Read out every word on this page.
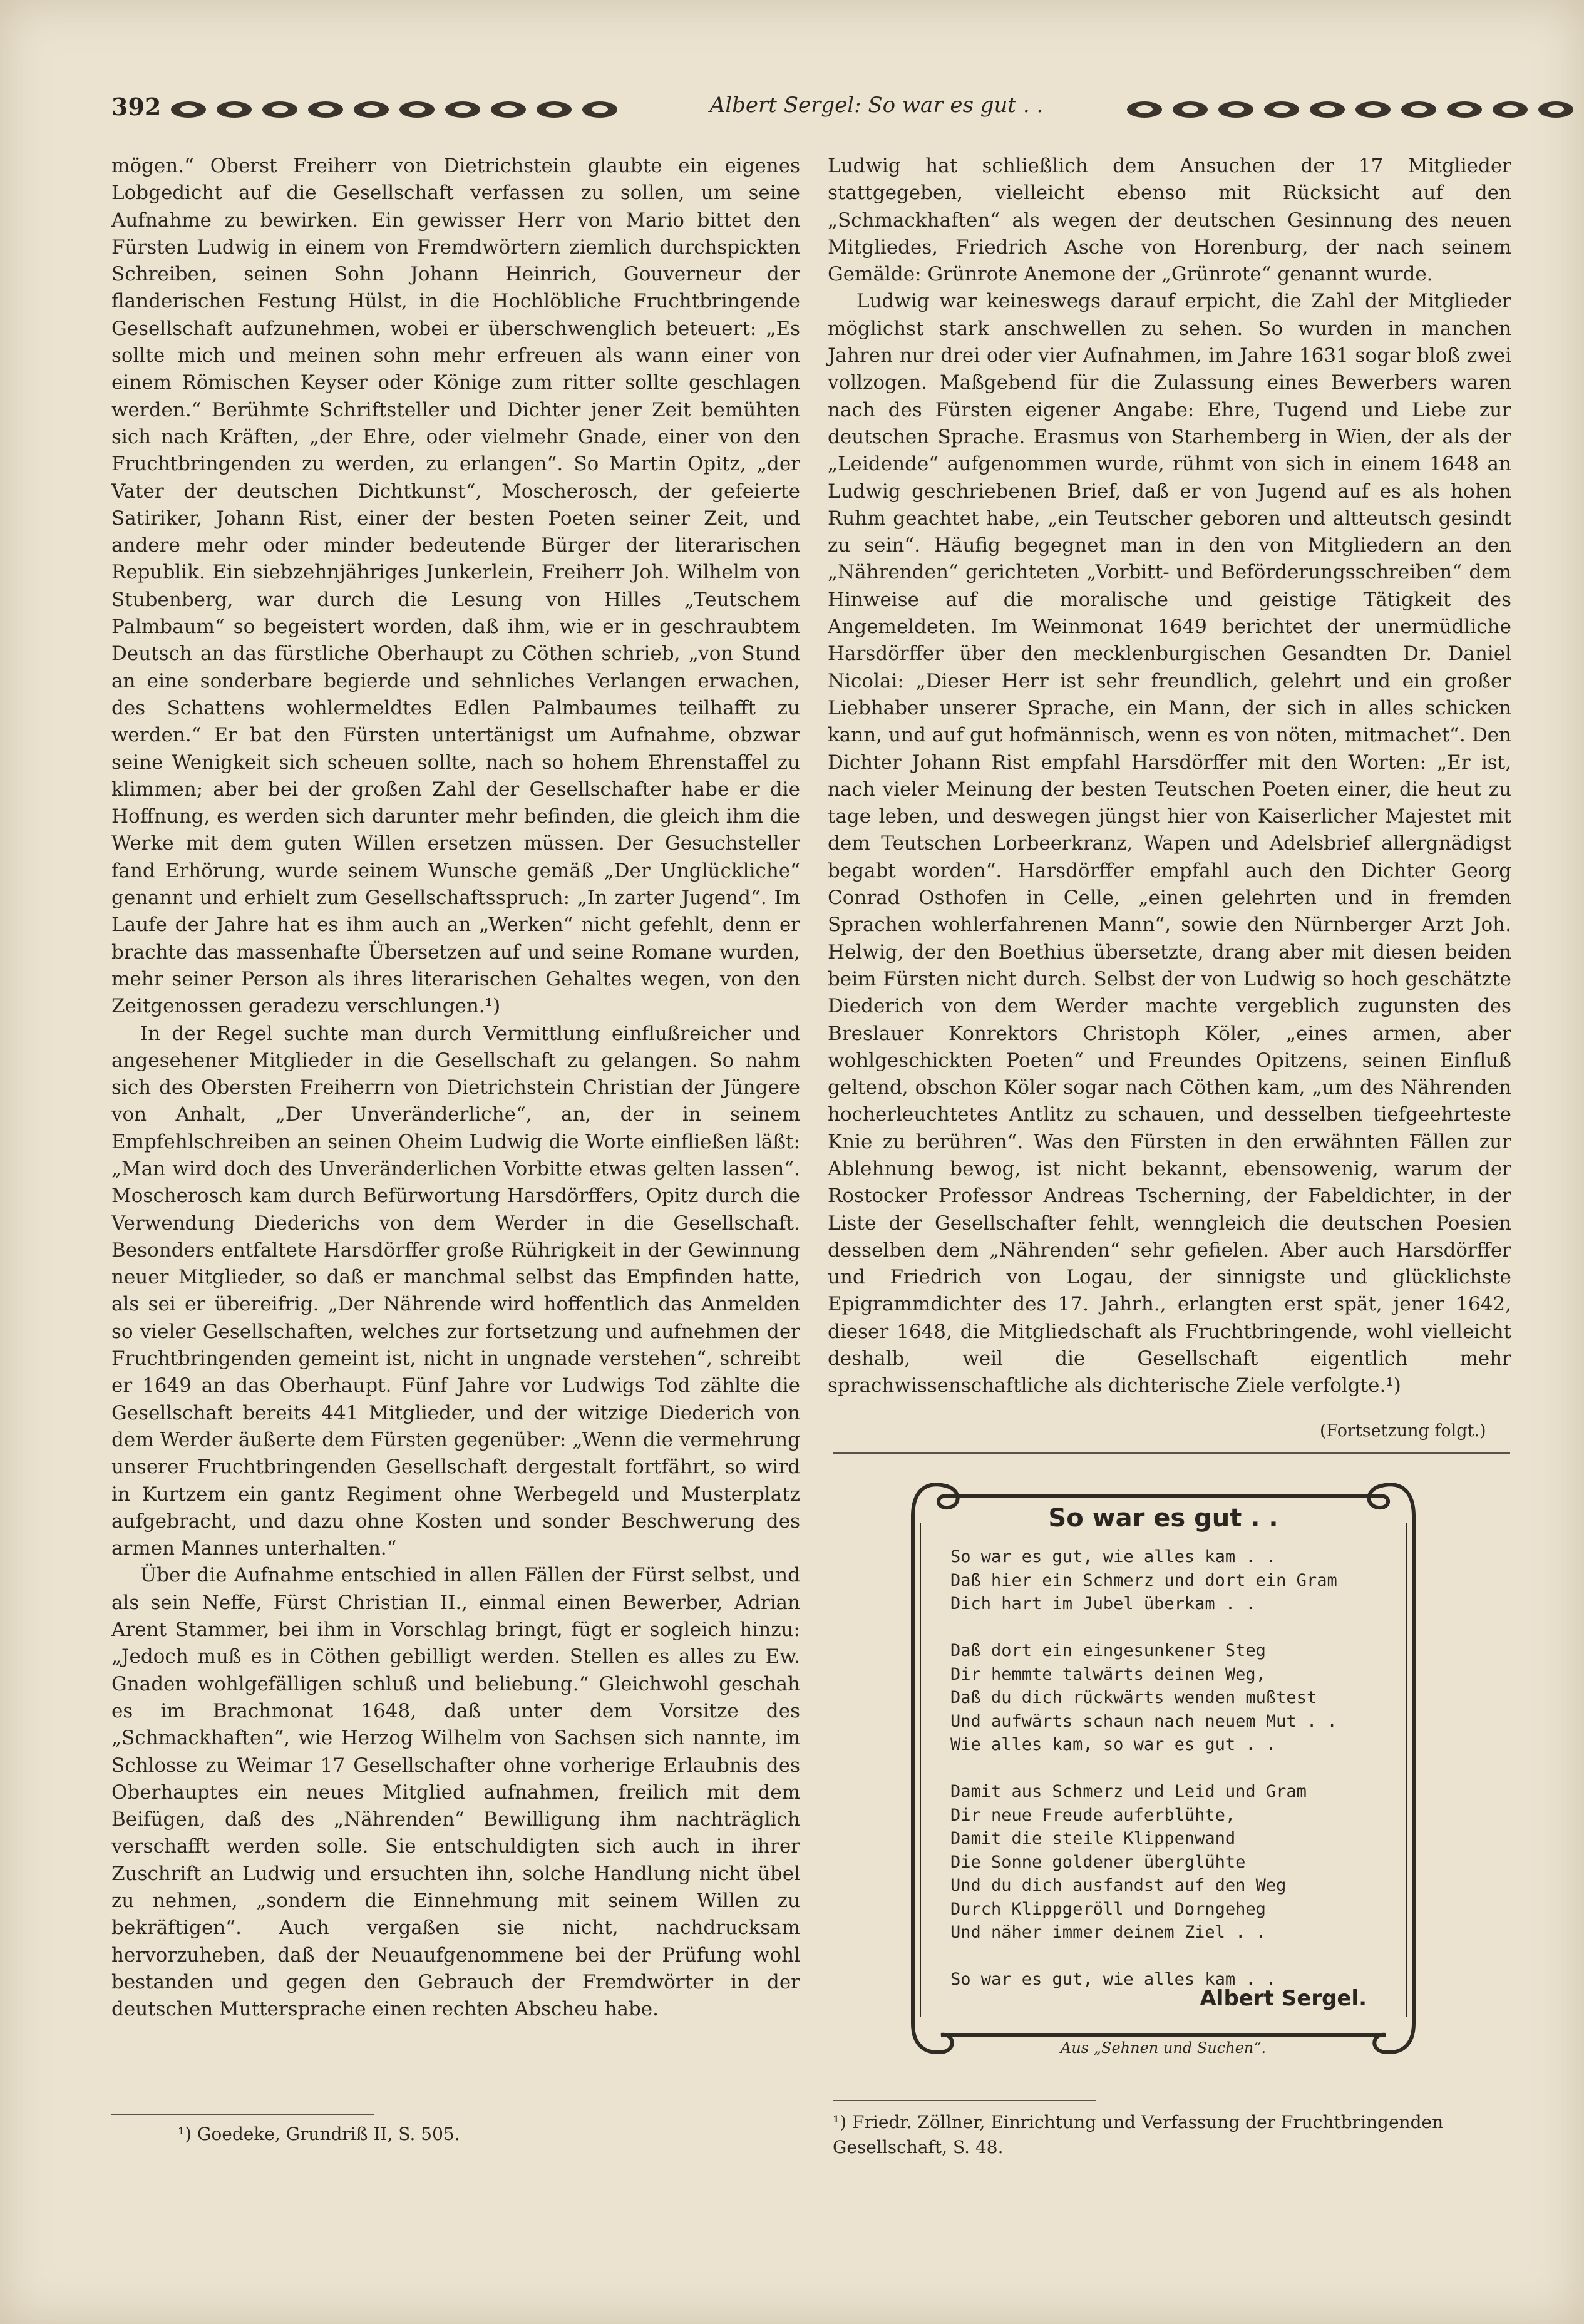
392	Albert Sergel: So war es gut . .

mögen.“ Oberst Freiherr von Dietrichstein glaubte ein eigenes Lobgedicht auf die Gesellschaft verfassen zu sollen, um seine Aufnahme zu bewirken. Ein gewisser Herr von Mario bittet den Fürsten Ludwig in einem von Fremdwörtern ziemlich durchspickten Schreiben, seinen Sohn Johann Heinrich, Gouverneur der flanderischen Festung Hülst, in die Hochlöbliche Fruchtbringende Gesellschaft aufzunehmen, wobei er überschwenglich beteuert: „Es sollte mich und meinen sohn mehr erfreuen als wann einer von einem Römischen Keyser oder Könige zum ritter sollte geschlagen werden.“ Berühmte Schriftsteller und Dichter jener Zeit bemühten sich nach Kräften, „der Ehre, oder vielmehr Gnade, einer von den Fruchtbringenden zu werden, zu erlangen“. So Martin Opitz, „der Vater der deutschen Dichtkunst“, Moscherosch, der gefeierte Satiriker, Johann Rist, einer der besten Poeten seiner Zeit, und andere mehr oder minder bedeutende Bürger der literarischen Republik. Ein siebzehnjähriges Junkerlein, Freiherr Joh. Wilhelm von Stubenberg, war durch die Lesung von Hilles „Teutschem Palmbaum“ so begeistert worden, daß ihm, wie er in geschraubtem Deutsch an das fürstliche Oberhaupt zu Cöthen schrieb, „von Stund an eine sonderbare begierde und sehnliches Verlangen erwachen, des Schattens wohlermeldtes Edlen Palmbaumes teilhafft zu werden.“ Er bat den Fürsten untertänigst um Aufnahme, obzwar seine Wenigkeit sich scheuen sollte, nach so hohem Ehrenstaffel zu klimmen; aber bei der großen Zahl der Gesellschafter habe er die Hoffnung, es werden sich darunter mehr befinden, die gleich ihm die Werke mit dem guten Willen ersetzen müssen. Der Gesuchsteller fand Erhörung, wurde seinem Wunsche gemäß „Der Unglückliche“ genannt und erhielt zum Gesellschaftsspruch: „In zarter Jugend“. Im Laufe der Jahre hat es ihm auch an „Werken“ nicht gefehlt, denn er brachte das massenhafte Übersetzen auf und seine Romane wurden, mehr seiner Person als ihres literarischen Gehaltes wegen, von den Zeitgenossen geradezu verschlungen.¹)

In der Regel suchte man durch Vermittlung einflußreicher und angesehener Mitglieder in die Gesellschaft zu gelangen. So nahm sich des Obersten Freiherrn von Dietrichstein Christian der Jüngere von Anhalt, „Der Unveränderliche“, an, der in seinem Empfehlschreiben an seinen Oheim Ludwig die Worte einfließen läßt: „Man wird doch des Unveränderlichen Vorbitte etwas gelten lassen“. Moscherosch kam durch Befürwortung Harsdörffers, Opitz durch die Verwendung Diederichs von dem Werder in die Gesellschaft. Besonders entfaltete Harsdörffer große Rührigkeit in der Gewinnung neuer Mitglieder, so daß er manchmal selbst das Empfinden hatte, als sei er übereifrig. „Der Nährende wird hoffentlich das Anmelden so vieler Gesellschaften, welches zur fortsetzung und aufnehmen der Fruchtbringenden gemeint ist, nicht in ungnade verstehen“, schreibt er 1649 an das Oberhaupt. Fünf Jahre vor Ludwigs Tod zählte die Gesellschaft bereits 441 Mitglieder, und der witzige Diederich von dem Werder äußerte dem Fürsten gegenüber: „Wenn die vermehrung unserer Fruchtbringenden Gesellschaft dergestalt fortfährt, so wird in Kurtzem ein gantz Regiment ohne Werbegeld und Musterplatz aufgebracht, und dazu ohne Kosten und sonder Beschwerung des armen Mannes unterhalten.“

Über die Aufnahme entschied in allen Fällen der Fürst selbst, und als sein Neffe, Fürst Christian II., einmal einen Bewerber, Adrian Arent Stammer, bei ihm in Vorschlag bringt, fügt er sogleich hinzu: „Jedoch muß es in Cöthen gebilligt werden. Stellen es alles zu Ew. Gnaden wohlgefälligen schluß und beliebung.“ Gleichwohl geschah es im Brachmonat 1648, daß unter dem Vorsitze des „Schmackhaften“, wie Herzog Wilhelm von Sachsen sich nannte, im Schlosse zu Weimar 17 Gesellschafter ohne vorherige Erlaubnis des Oberhauptes ein neues Mitglied aufnahmen, freilich mit dem Beifügen, daß des „Nährenden“ Bewilligung ihm nachträglich verschafft werden solle. Sie entschuldigten sich auch in ihrer Zuschrift an Ludwig und ersuchten ihn, solche Handlung nicht übel zu nehmen, „sondern die Einnehmung mit seinem Willen zu bekräftigen“. Auch vergaßen sie nicht, nachdrucksam hervorzuheben, daß der Neuaufgenommene bei der Prüfung wohl bestanden und gegen den Gebrauch der Fremdwörter in der deutschen Muttersprache einen rechten Abscheu habe.

Ludwig hat schließlich dem Ansuchen der 17 Mitglieder stattgegeben, vielleicht ebenso mit Rücksicht auf den „Schmackhaften“ als wegen der deutschen Gesinnung des neuen Mitgliedes, Friedrich Asche von Horenburg, der nach seinem Gemälde: Grünrote Anemone der „Grünrote“ genannt wurde.

Ludwig war keineswegs darauf erpicht, die Zahl der Mitglieder möglichst stark anschwellen zu sehen. So wurden in manchen Jahren nur drei oder vier Aufnahmen, im Jahre 1631 sogar bloß zwei vollzogen. Maßgebend für die Zulassung eines Bewerbers waren nach des Fürsten eigener Angabe: Ehre, Tugend und Liebe zur deutschen Sprache. Erasmus von Starhemberg in Wien, der als der „Leidende“ aufgenommen wurde, rühmt von sich in einem 1648 an Ludwig geschriebenen Brief, daß er von Jugend auf es als hohen Ruhm geachtet habe, „ein Teutscher geboren und altteutsch gesindt zu sein“. Häufig begegnet man in den von Mitgliedern an den „Nährenden“ gerichteten „Vorbitt- und Beförderungsschreiben“ dem Hinweise auf die moralische und geistige Tätigkeit des Angemeldeten. Im Weinmonat 1649 berichtet der unermüdliche Harsdörffer über den mecklenburgischen Gesandten Dr. Daniel Nicolai: „Dieser Herr ist sehr freundlich, gelehrt und ein großer Liebhaber unserer Sprache, ein Mann, der sich in alles schicken kann, und auf gut hofmännisch, wenn es von nöten, mitmachet“. Den Dichter Johann Rist empfahl Harsdörffer mit den Worten: „Er ist, nach vieler Meinung der besten Teutschen Poeten einer, die heut zu tage leben, und deswegen jüngst hier von Kaiserlicher Majestet mit dem Teutschen Lorbeerkranz, Wapen und Adelsbrief allergnädigst begabt worden“. Harsdörffer empfahl auch den Dichter Georg Conrad Osthofen in Celle, „einen gelehrten und in fremden Sprachen wohlerfahrenen Mann“, sowie den Nürnberger Arzt Joh. Helwig, der den Boethius übersetzte, drang aber mit diesen beiden beim Fürsten nicht durch. Selbst der von Ludwig so hoch geschätzte Diederich von dem Werder machte vergeblich zugunsten des Breslauer Konrektors Christoph Köler, „eines armen, aber wohlgeschickten Poeten“ und Freundes Opitzens, seinen Einfluß geltend, obschon Köler sogar nach Cöthen kam, „um des Nährenden hocherleuchtetes Antlitz zu schauen, und desselben tiefgeehrteste Knie zu berühren“. Was den Fürsten in den erwähnten Fällen zur Ablehnung bewog, ist nicht bekannt, ebensowenig, warum der Rostocker Professor Andreas Tscherning, der Fabeldichter, in der Liste der Gesellschafter fehlt, wenngleich die deutschen Poesien desselben dem „Nährenden“ sehr gefielen. Aber auch Harsdörffer und Friedrich von Logau, der sinnigste und glücklichste Epigrammdichter des 17. Jahrh., erlangten erst spät, jener 1642, dieser 1648, die Mitgliedschaft als Fruchtbringende, wohl vielleicht deshalb, weil die Gesellschaft eigentlich mehr sprachwissenschaftliche als dichterische Ziele verfolgte.¹)

(Fortsetzung folgt.)
So war es gut . .
So war es gut, wie alles kam . .
Daß hier ein Schmerz und dort ein Gram
Dich hart im Jubel überkam . .

Daß dort ein eingesunkener Steg
Dir hemmte talwärts deinen Weg,
Daß du dich rückwärts wenden mußtest
Und aufwärts schaun nach neuem Mut . .
Wie alles kam, so war es gut . .

Damit aus Schmerz und Leid und Gram
Dir neue Freude auferblühte,
Damit die steile Klippenwand
Die Sonne goldener überglühte
Und du dich ausfandst auf den Weg
Durch Klippgeröll und Dorngeheg
Und näher immer deinem Ziel . .

So war es gut, wie alles kam . .
Albert Sergel.
Aus „Sehnen und Suchen“.
¹) Goedeke, Grundriß II, S. 505.
¹) Friedr. Zöllner, Einrichtung und Verfassung der Fruchtbringenden Gesellschaft, S. 48.
